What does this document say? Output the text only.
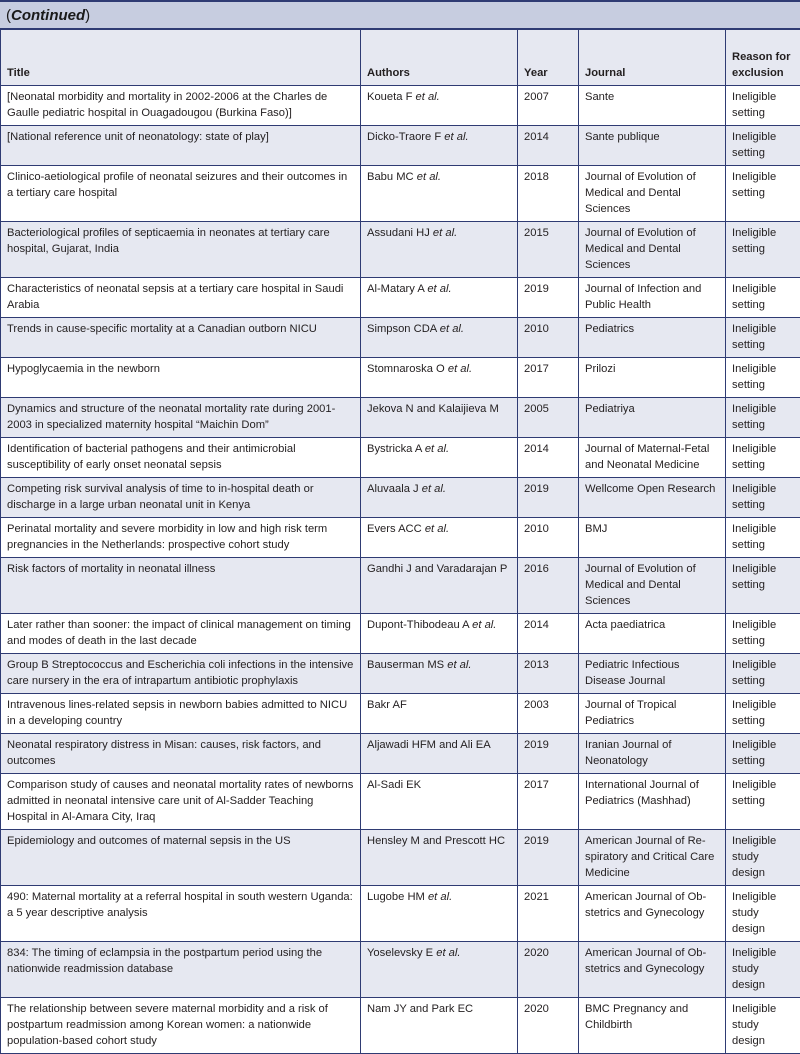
( Continued )
Title	Authors	Year	Journal	Reason for exclusion
[Neonatal morbidity and mortality in 2002-2006 at the Charles de Gaulle pediatric hospital in Ouagadougou (Burkina Faso)]	Koueta F et al.	2007	Sante	Ineligible setting
[National reference unit of neonatology: state of play]	Dicko-Traore F et al.	2014	Sante publique	Ineligible setting
Clinico-aetiological profile of neonatal seizures and their outcomes in a tertiary care hospital	Babu MC et al.	2018	Journal of Evolution of Medical and Dental Sciences	Ineligible setting
Bacteriological profiles of septicaemia in neonates at tertiary care hospital, Gujarat, India	Assudani HJ et al.	2015	Journal of Evolution of Medical and Dental Sciences	Ineligible setting
Characteristics of neonatal sepsis at a tertiary care hospital in Saudi Arabia	Al-Matary A et al.	2019	Journal of Infection and Public Health	Ineligible setting
Trends in cause-specific mortality at a Canadian outborn NICU	Simpson CDA et al.	2010	Pediatrics	Ineligible setting
Hypoglycaemia in the newborn	Stomnaroska O et al.	2017	Prilozi	Ineligible setting
Dynamics and structure of the neonatal mortality rate during 2001-2003 in specialized maternity hospital “Maichin Dom”	Jekova N and Kalaijieva M	2005	Pediatriya	Ineligible setting
Identification of bacterial pathogens and their antimicrobial susceptibility of early onset neonatal sepsis	Bystricka A et al.	2014	Journal of Maternal-Fetal and Neonatal Medicine	Ineligible setting
Competing risk survival analysis of time to in-hospital death or discharge in a large urban neonatal unit in Kenya	Aluvaala J et al.	2019	Wellcome Open Research	Ineligible setting
Perinatal mortality and severe morbidity in low and high risk term pregnancies in the Netherlands: prospective cohort study	Evers ACC et al.	2010	BMJ	Ineligible setting
Risk factors of mortality in neonatal illness	Gandhi J and Varadarajan P	2016	Journal of Evolution of Medical and Dental Sciences	Ineligible setting
Later rather than sooner: the impact of clinical management on timing and modes of death in the last decade	Dupont-Thibodeau A et al.	2014	Acta paediatrica	Ineligible setting
Group B Streptococcus and Escherichia coli infections in the intensive care nursery in the era of intrapartum antibiotic prophylaxis	Bauserman MS et al.	2013	Pediatric Infectious Disease Journal	Ineligible setting
Intravenous lines-related sepsis in newborn babies admitted to NICU in a developing country	Bakr AF	2003	Journal of Tropical Pediatrics	Ineligible setting
Neonatal respiratory distress in Misan: causes, risk factors, and outcomes	Aljawadi HFM and Ali EA	2019	Iranian Journal of Neonatology	Ineligible setting
Comparison study of causes and neonatal mortality rates of newborns admitted in neonatal intensive care unit of Al-Sadder Teaching Hospital in Al-Amara City, Iraq	Al-Sadi EK	2017	International Journal of Pediatrics (Mashhad)	Ineligible setting
Epidemiology and outcomes of maternal sepsis in the US	Hensley M and Prescott HC	2019	American Journal of Re-spiratory and Critical Care Medicine	Ineligible study design
490: Maternal mortality at a referral hospital in south western Uganda: a 5 year descriptive analysis	Lugobe HM et al.	2021	American Journal of Ob-stetrics and Gynecology	Ineligible study design
834: The timing of eclampsia in the postpartum period using the nationwide readmission database	Yoselevsky E et al.	2020	American Journal of Ob-stetrics and Gynecology	Ineligible study design
The relationship between severe maternal morbidity and a risk of postpartum readmission among Korean women: a nationwide population-based cohort study	Nam JY and Park EC	2020	BMC Pregnancy and Childbirth	Ineligible study design
